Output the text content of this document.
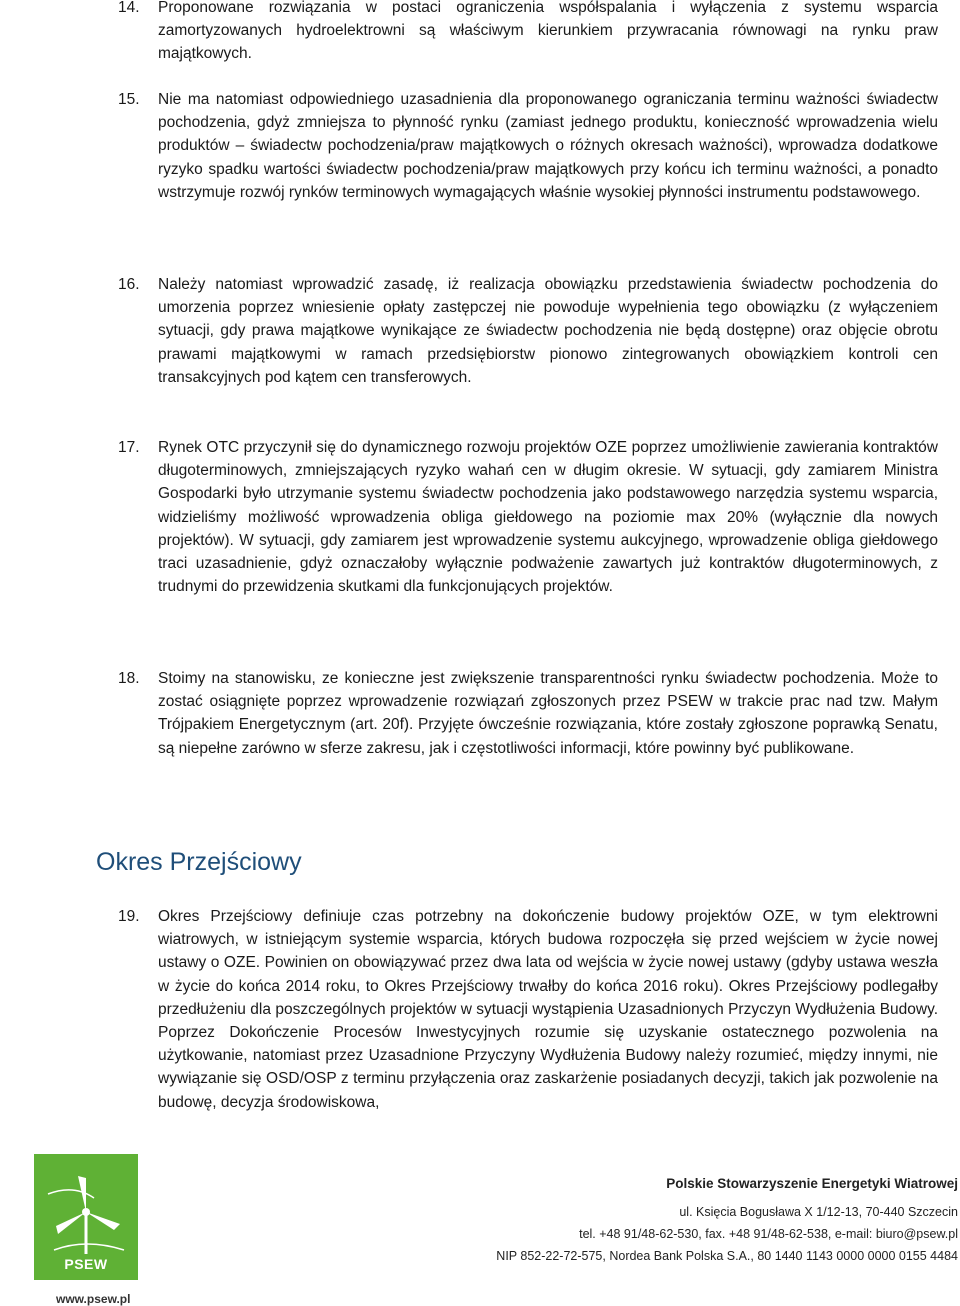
14. Proponowane rozwiązania w postaci ograniczenia współspalania i wyłączenia z systemu wsparcia zamortyzowanych hydroelektrowni są właściwym kierunkiem przywracania równowagi na rynku praw majątkowych.
15. Nie ma natomiast odpowiedniego uzasadnienia dla proponowanego ograniczania terminu ważności świadectw pochodzenia, gdyż zmniejsza to płynność rynku (zamiast jednego produktu, konieczność wprowadzenia wielu produktów – świadectw pochodzenia/praw majątkowych o różnych okresach ważności), wprowadza dodatkowe ryzyko spadku wartości świadectw pochodzenia/praw majątkowych przy końcu ich terminu ważności, a ponadto wstrzymuje rozwój rynków terminowych wymagających właśnie wysokiej płynności instrumentu podstawowego.
16. Należy natomiast wprowadzić zasadę, iż realizacja obowiązku przedstawienia świadectw pochodzenia do umorzenia poprzez wniesienie opłaty zastępczej nie powoduje wypełnienia tego obowiązku (z wyłączeniem sytuacji, gdy prawa majątkowe wynikające ze świadectw pochodzenia nie będą dostępne) oraz objęcie obrotu prawami majątkowymi w ramach przedsiębiorstw pionowo zintegrowanych obowiązkiem kontroli cen transakcyjnych pod kątem cen transferowych.
17. Rynek OTC przyczynił się do dynamicznego rozwoju projektów OZE poprzez umożliwienie zawierania kontraktów długoterminowych, zmniejszających ryzyko wahań cen w długim okresie. W sytuacji, gdy zamiarem Ministra Gospodarki było utrzymanie systemu świadectw pochodzenia jako podstawowego narzędzia systemu wsparcia, widzieliśmy możliwość wprowadzenia obliga giełdowego na poziomie max 20% (wyłącznie dla nowych projektów). W sytuacji, gdy zamiarem jest wprowadzenie systemu aukcyjnego, wprowadzenie obliga giełdowego traci uzasadnienie, gdyż oznaczałoby wyłącznie podważenie zawartych już kontraktów długoterminowych, z trudnymi do przewidzenia skutkami dla funkcjonujących projektów.
18. Stoimy na stanowisku, ze konieczne jest zwiększenie transparentności rynku świadectw pochodzenia. Może to zostać osiągnięte poprzez wprowadzenie rozwiązań zgłoszonych przez PSEW w trakcie prac nad tzw. Małym Trójpakiem Energetycznym (art. 20f). Przyjęte ówcześnie rozwiązania, które zostały zgłoszone poprawką Senatu, są niepełne zarówno w sferze zakresu, jak i częstotliwości informacji, które powinny być publikowane.
Okres Przejściowy
19. Okres Przejściowy definiuje czas potrzebny na dokończenie budowy projektów OZE, w tym elektrowni wiatrowych, w istniejącym systemie wsparcia, których budowa rozpoczęła się przed wejściem w życie nowej ustawy o OZE. Powinien on obowiązywać przez dwa lata od wejścia w życie nowej ustawy (gdyby ustawa weszła w życie do końca 2014 roku, to Okres Przejściowy trwałby do końca 2016 roku). Okres Przejściowy podlegałby przedłużeniu dla poszczególnych projektów w sytuacji wystąpienia Uzasadnionych Przyczyn Wydłużenia Budowy. Poprzez Dokończenie Procesów Inwestycyjnych rozumie się uzyskanie ostatecznego pozwolenia na użytkowanie, natomiast przez Uzasadnione Przyczyny Wydłużenia Budowy należy rozumieć, między innymi, nie wywiązanie się OSD/OSP z terminu przyłączenia oraz zaskarżenie posiadanych decyzji, takich jak pozwolenie na budowę, decyzja środowiskowa,
PSEW
www.psew.pl
Polskie Stowarzyszenie Energetyki Wiatrowej
ul. Księcia Bogusława X 1/12-13, 70-440 Szczecin
tel. +48 91/48-62-530, fax. +48 91/48-62-538, e-mail: biuro@psew.pl
NIP 852-22-72-575, Nordea Bank Polska S.A., 80 1440 1143 0000 0000 0155 4484
